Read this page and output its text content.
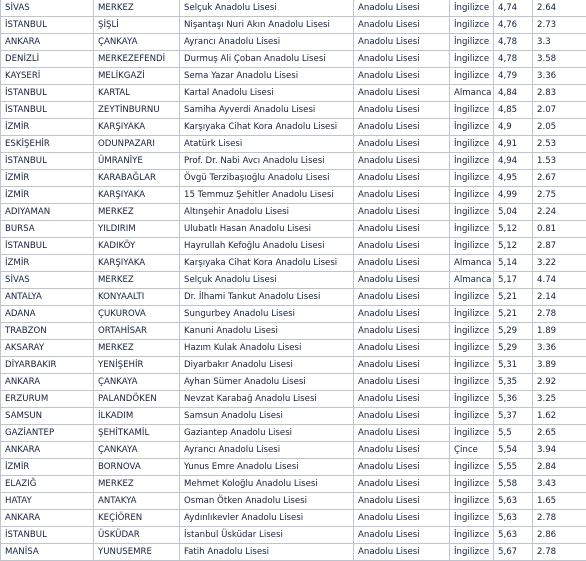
SİVAS	MERKEZ	Selçuk Anadolu Lisesi	Anadolu Lisesi	İngilizce	4,74	2.64
İSTANBUL	ŞİŞLİ	Nişantaşı Nuri Akın Anadolu Lisesi	Anadolu Lisesi	İngilizce	4,76	2.73
ANKARA	ÇANKAYA	Ayrancı Anadolu Lisesi	Anadolu Lisesi	İngilizce	4,78	3.3
DENİZLİ	MERKEZEFENDİ	Durmuş Ali Çoban Anadolu Lisesi	Anadolu Lisesi	İngilizce	4,78	3.58
KAYSERİ	MELİKGAZİ	Sema Yazar Anadolu Lisesi	Anadolu Lisesi	İngilizce	4,79	3.36
İSTANBUL	KARTAL	Kartal Anadolu Lisesi	Anadolu Lisesi	Almanca	4,84	2.83
İSTANBUL	ZEYTİNBURNU	Samiha Ayverdi Anadolu Lisesi	Anadolu Lisesi	İngilizce	4,85	2.07
İZMİR	KARŞIYAKA	Karşıyaka Cihat Kora Anadolu Lisesi	Anadolu Lisesi	İngilizce	4,9	2.05
ESKİŞEHİR	ODUNPAZARI	Atatürk Lisesi	Anadolu Lisesi	İngilizce	4,91	2.53
İSTANBUL	ÜMRANİYE	Prof. Dr. Nabi Avcı Anadolu Lisesi	Anadolu Lisesi	İngilizce	4,94	1.53
İZMİR	KARABAĞLAR	Övgü Terzibaşıoğlu Anadolu Lisesi	Anadolu Lisesi	İngilizce	4,95	2.67
İZMİR	KARŞIYAKA	15 Temmuz Şehitler Anadolu Lisesi	Anadolu Lisesi	İngilizce	4,99	2.75
ADIYAMAN	MERKEZ	Altınşehir Anadolu Lisesi	Anadolu Lisesi	İngilizce	5,04	2.24
BURSA	YILDIRIM	Ulubatlı Hasan Anadolu Lisesi	Anadolu Lisesi	İngilizce	5,12	0.81
İSTANBUL	KADIKÖY	Hayrullah Kefoğlu Anadolu Lisesi	Anadolu Lisesi	İngilizce	5,12	2.87
İZMİR	KARŞIYAKA	Karşıyaka Cihat Kora Anadolu Lisesi	Anadolu Lisesi	Almanca	5,14	3.22
SİVAS	MERKEZ	Selçuk Anadolu Lisesi	Anadolu Lisesi	Almanca	5,17	4.74
ANTALYA	KONYAALTI	Dr. İlhami Tankut Anadolu Lisesi	Anadolu Lisesi	İngilizce	5,21	2.14
ADANA	ÇUKUROVA	Sungurbey Anadolu Lisesi	Anadolu Lisesi	İngilizce	5,21	2.78
TRABZON	ORTAHİSAR	Kanuni Anadolu Lisesi	Anadolu Lisesi	İngilizce	5,29	1.89
AKSARAY	MERKEZ	Hazım Kulak Anadolu Lisesi	Anadolu Lisesi	İngilizce	5,29	3.36
DİYARBAKIR	YENİŞEHİR	Diyarbakır Anadolu Lisesi	Anadolu Lisesi	İngilizce	5,31	3.89
ANKARA	ÇANKAYA	Ayhan Sümer Anadolu Lisesi	Anadolu Lisesi	İngilizce	5,35	2.92
ERZURUM	PALANDÖKEN	Nevzat Karabağ Anadolu Lisesi	Anadolu Lisesi	İngilizce	5,36	3.25
SAMSUN	İLKADIM	Samsun Anadolu Lisesi	Anadolu Lisesi	İngilizce	5,37	1.62
GAZİANTEP	ŞEHİTKAMİL	Gaziantep Anadolu Lisesi	Anadolu Lisesi	İngilizce	5,5	2.65
ANKARA	ÇANKAYA	Ayrancı Anadolu Lisesi	Anadolu Lisesi	Çince	5,54	3.94
İZMİR	BORNOVA	Yunus Emre Anadolu Lisesi	Anadolu Lisesi	İngilizce	5,55	2.84
ELAZIĞ	MERKEZ	Mehmet Koloğlu Anadolu Lisesi	Anadolu Lisesi	İngilizce	5,58	3.43
HATAY	ANTAKYA	Osman Ötken Anadolu Lisesi	Anadolu Lisesi	İngilizce	5,63	1.65
ANKARA	KEÇİÖREN	Aydınlıkevler Anadolu Lisesi	Anadolu Lisesi	İngilizce	5,63	2.78
İSTANBUL	ÜSKÜDAR	İstanbul Üsküdar Lisesi	Anadolu Lisesi	İngilizce	5,63	2.86
MANİSA	YUNUSEMRE	Fatih Anadolu Lisesi	Anadolu Lisesi	İngilizce	5,67	2.78
